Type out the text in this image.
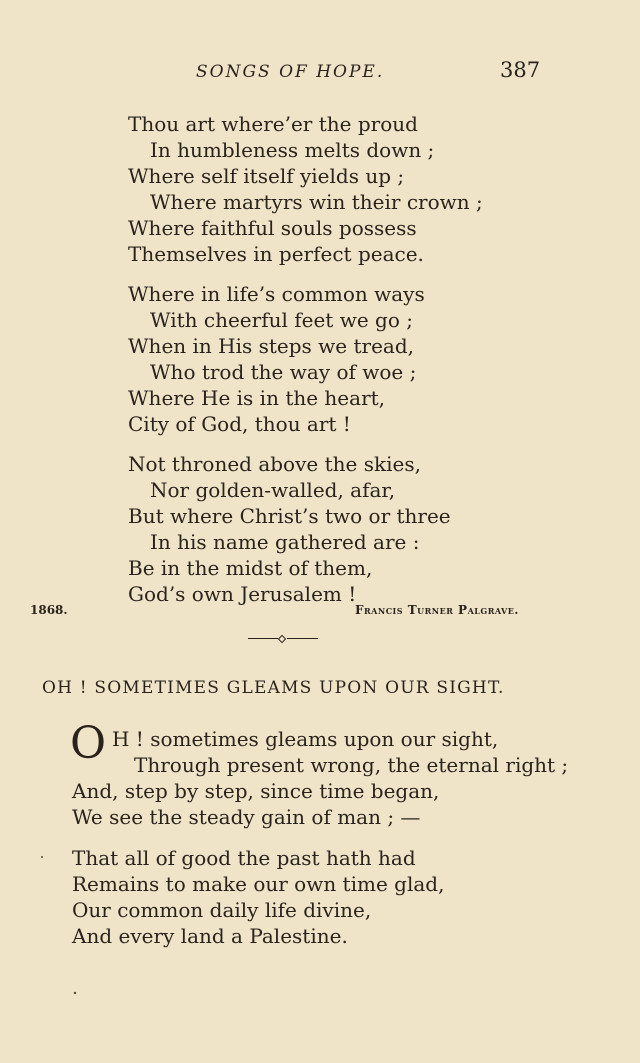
SONGS OF HOPE.	387
Thou art where’er the proud
In humbleness melts down ;
Where self itself yields up ;
Where martyrs win their crown ;
Where faithful souls possess
Themselves in perfect peace.
Where in life’s common ways
With cheerful feet we go ;
When in His steps we tread,
Who trod the way of woe ;
Where He is in the heart,
City of God, thou art !
Not throned above the skies,
Nor golden-walled, afar,
But where Christ’s two or three
In his name gathered are :
Be in the midst of them,
God’s own Jerusalem !
1868.	Francis Turner Palgrave.
OH ! SOMETIMES GLEAMS UPON OUR SIGHT.
O H ! sometimes gleams upon our sight,
Through present wrong, the eternal right ;
And, step by step, since time began,
We see the steady gain of man ; —
That all of good the past hath had
Remains to make our own time glad,
Our common daily life divine,
And every land a Palestine.
